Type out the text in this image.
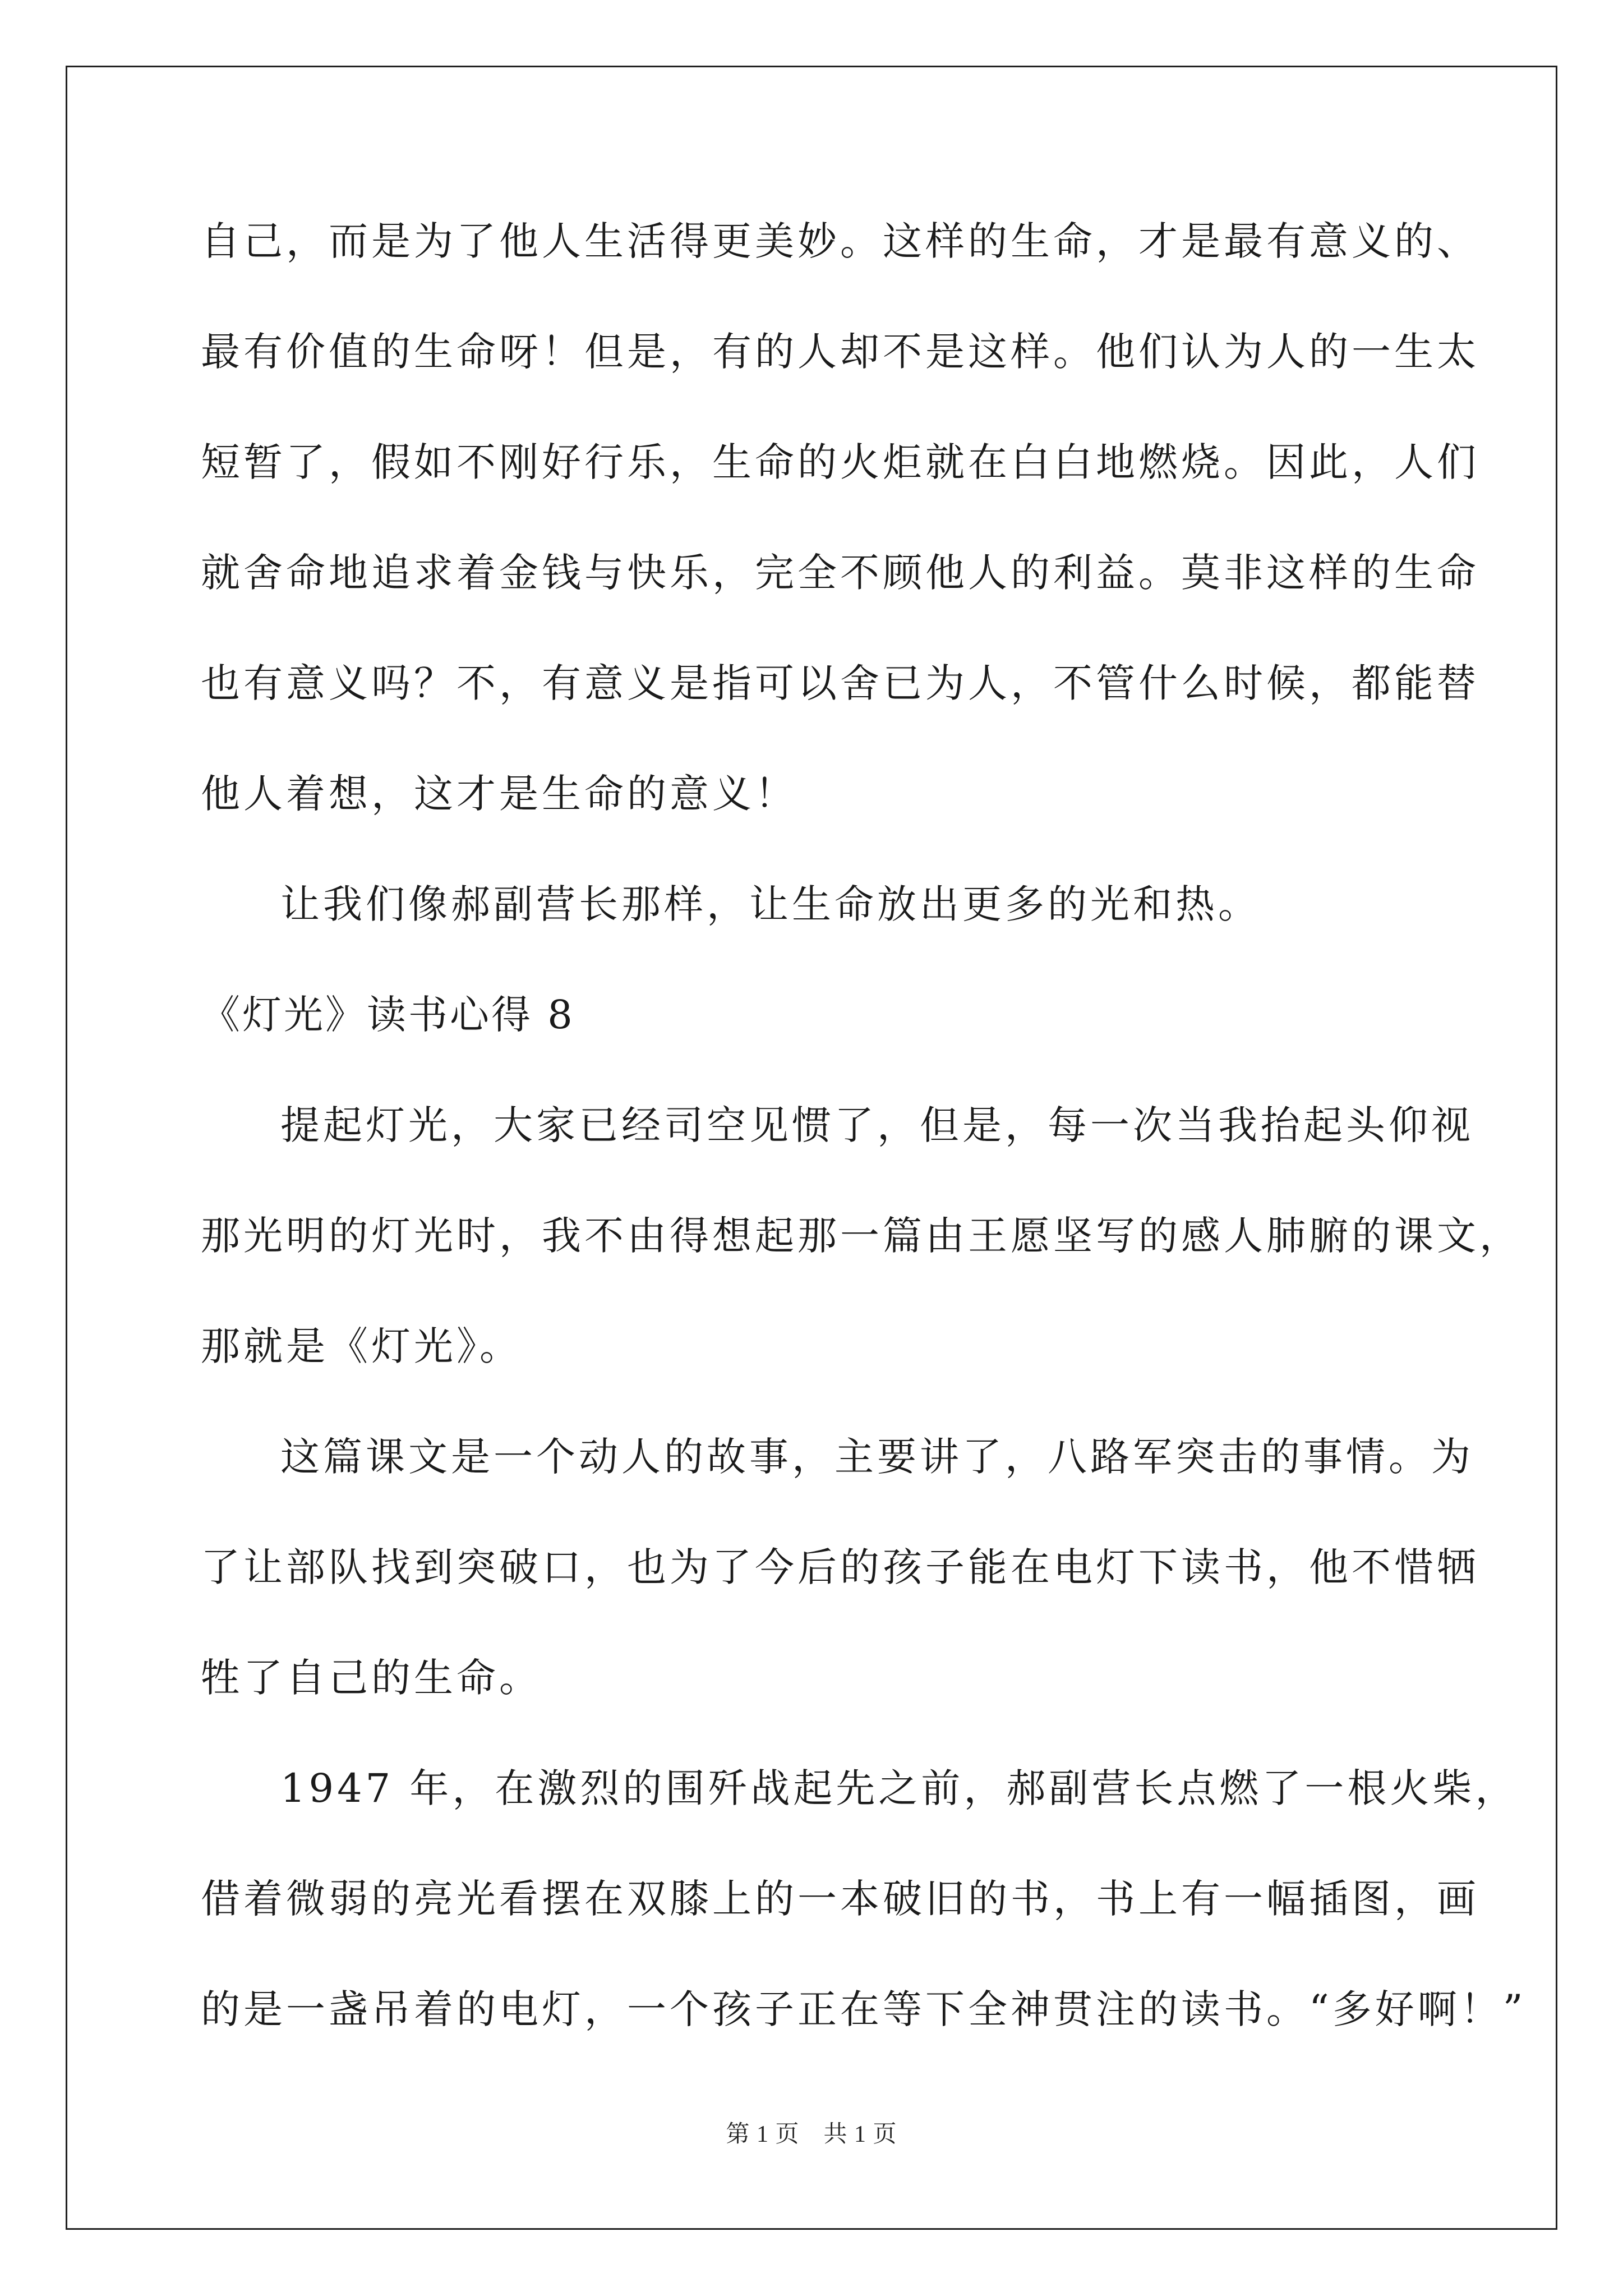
自己，而是为了他人生活得更美妙。这样的生命，才是最有意义的、
最有价值的生命呀！但是，有的人却不是这样。他们认为人的一生太
短暂了，假如不刚好行乐，生命的火炬就在白白地燃烧。因此，人们
就舍命地追求着金钱与快乐，完全不顾他人的利益。莫非这样的生命
也有意义吗？不，有意义是指可以舍已为人，不管什么时候，都能替
他人着想，这才是生命的意义！
让我们像郝副营长那样，让生命放出更多的光和热。
《灯光》读书心得 8
提起灯光，大家已经司空见惯了，但是，每一次当我抬起头仰视
那光明的灯光时，我不由得想起那一篇由王愿坚写的感人肺腑的课文，
那就是《灯光》。
这篇课文是一个动人的故事，主要讲了，八路军突击的事情。为
了让部队找到突破口，也为了今后的孩子能在电灯下读书，他不惜牺
牲了自己的生命。
1947 年，在激烈的围歼战起先之前，郝副营长点燃了一根火柴，
借着微弱的亮光看摆在双膝上的一本破旧的书，书上有一幅插图，画
的是一盏吊着的电灯，一个孩子正在等下全神贯注的读书。“多好啊！”
第 1 页　共 1 页
